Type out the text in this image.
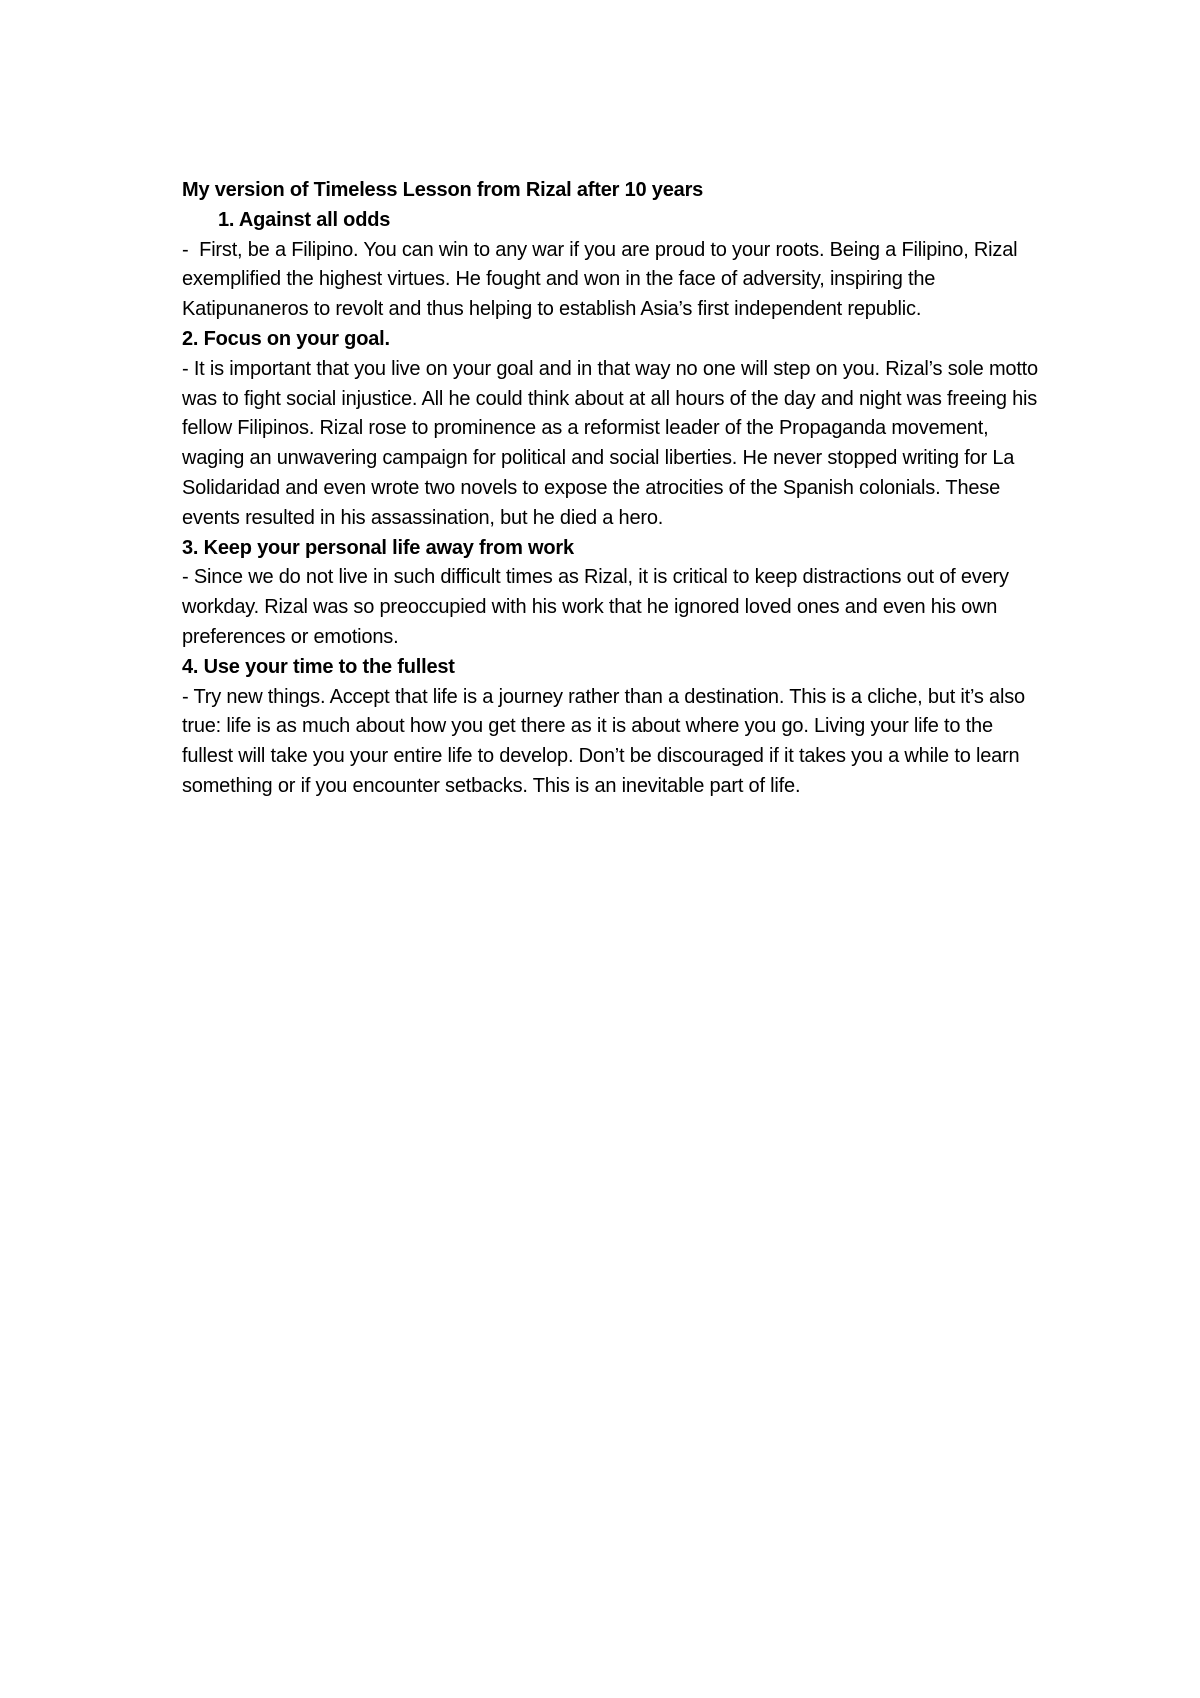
My version of Timeless Lesson from Rizal after 10 years

1. Against all odds

-  First, be a Filipino. You can win to any war if you are proud to your roots. Being a Filipino, Rizal exemplified the highest virtues. He fought and won in the face of adversity, inspiring the Katipunaneros to revolt and thus helping to establish Asia’s first independent republic.

2. Focus on your goal.

- It is important that you live on your goal and in that way no one will step on you. Rizal’s sole motto was to fight social injustice. All he could think about at all hours of the day and night was freeing his fellow Filipinos. Rizal rose to prominence as a reformist leader of the Propaganda movement, waging an unwavering campaign for political and social liberties. He never stopped writing for La Solidaridad and even wrote two novels to expose the atrocities of the Spanish colonials. These events resulted in his assassination, but he died a hero.

3. Keep your personal life away from work

- Since we do not live in such difficult times as Rizal, it is critical to keep distractions out of every workday. Rizal was so preoccupied with his work that he ignored loved ones and even his own preferences or emotions.

4. Use your time to the fullest

- Try new things. Accept that life is a journey rather than a destination. This is a cliche, but it’s also true: life is as much about how you get there as it is about where you go. Living your life to the fullest will take you your entire life to develop. Don’t be discouraged if it takes you a while to learn something or if you encounter setbacks. This is an inevitable part of life.
